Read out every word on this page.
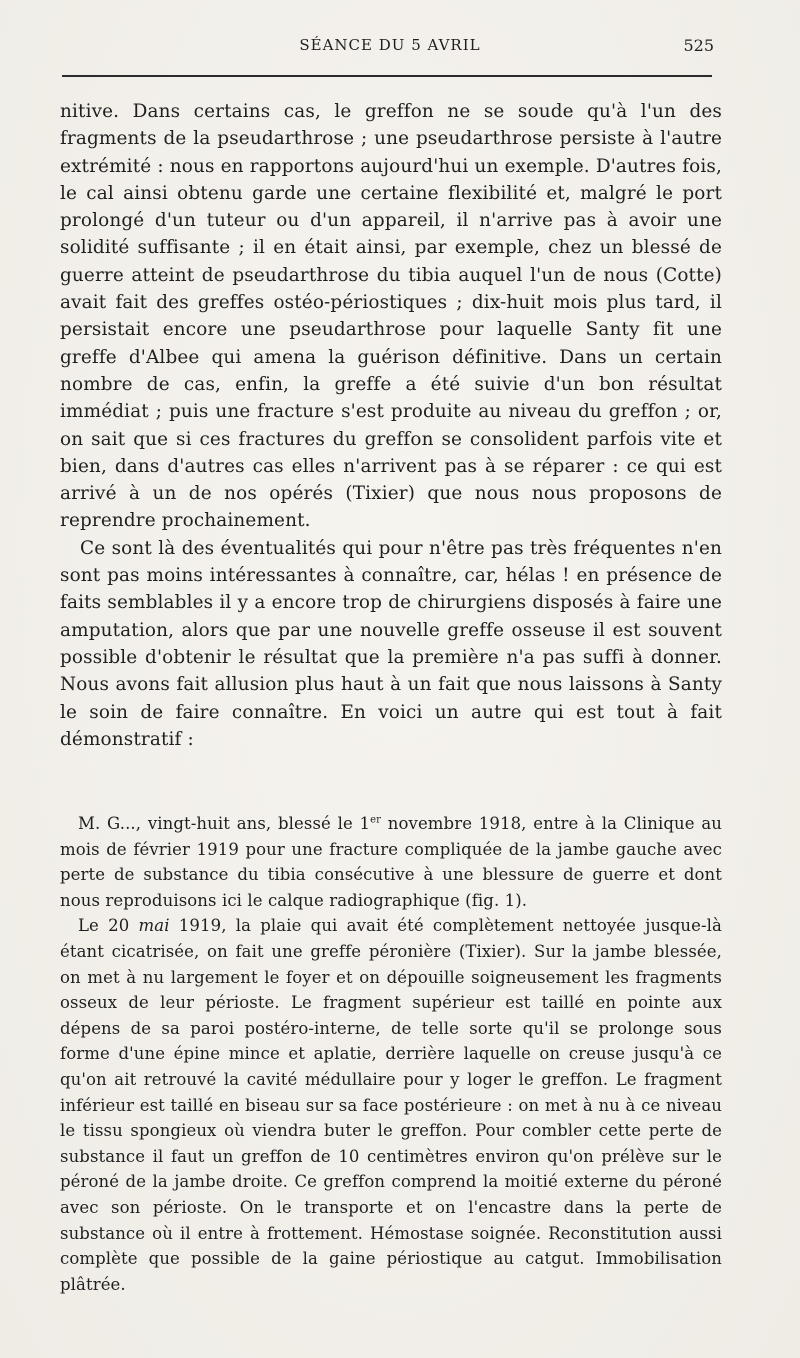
SÉANCE DU 5 AVRIL	525

nitive. Dans certains cas, le greffon ne se soude qu'à l'un des fragments de la pseudarthrose ; une pseudarthrose persiste à l'autre extrémité : nous en rapportons aujourd'hui un exemple. D'autres fois, le cal ainsi obtenu garde une certaine flexibilité et, malgré le port prolongé d'un tuteur ou d'un appareil, il n'arrive pas à avoir une solidité suffisante ; il en était ainsi, par exemple, chez un blessé de guerre atteint de pseudarthrose du tibia auquel l'un de nous (Cotte) avait fait des greffes ostéo-périostiques ; dix-huit mois plus tard, il persistait encore une pseudarthrose pour laquelle Santy fit une greffe d'Albee qui amena la guérison définitive. Dans un certain nombre de cas, enfin, la greffe a été suivie d'un bon résultat immédiat ; puis une fracture s'est produite au niveau du greffon ; or, on sait que si ces fractures du greffon se consolident parfois vite et bien, dans d'autres cas elles n'arrivent pas à se réparer : ce qui est arrivé à un de nos opérés (Tixier) que nous nous proposons de reprendre prochainement.

Ce sont là des éventualités qui pour n'être pas très fréquentes n'en sont pas moins intéressantes à connaître, car, hélas ! en présence de faits semblables il y a encore trop de chirurgiens disposés à faire une amputation, alors que par une nouvelle greffe osseuse il est souvent possible d'obtenir le résultat que la première n'a pas suffi à donner. Nous avons fait allusion plus haut à un fait que nous laissons à Santy le soin de faire connaître. En voici un autre qui est tout à fait démonstratif :

M. G..., vingt-huit ans, blessé le 1er novembre 1918, entre à la Clinique au mois de février 1919 pour une fracture compliquée de la jambe gauche avec perte de substance du tibia consécutive à une blessure de guerre et dont nous reproduisons ici le calque radiographique (fig. 1).

Le 20 mai 1919, la plaie qui avait été complètement nettoyée jusque-là étant cicatrisée, on fait une greffe péronière (Tixier). Sur la jambe blessée, on met à nu largement le foyer et on dépouille soigneusement les fragments osseux de leur périoste. Le fragment supérieur est taillé en pointe aux dépens de sa paroi postéro-interne, de telle sorte qu'il se prolonge sous forme d'une épine mince et aplatie, derrière laquelle on creuse jusqu'à ce qu'on ait retrouvé la cavité médullaire pour y loger le greffon. Le fragment inférieur est taillé en biseau sur sa face postérieure : on met à nu à ce niveau le tissu spongieux où viendra buter le greffon. Pour combler cette perte de substance il faut un greffon de 10 centimètres environ qu'on prélève sur le péroné de la jambe droite. Ce greffon comprend la moitié externe du péroné avec son périoste. On le transporte et on l'encastre dans la perte de substance où il entre à frottement. Hémostase soignée. Reconstitution aussi complète que possible de la gaine périostique au catgut. Immobilisation plâtrée.
